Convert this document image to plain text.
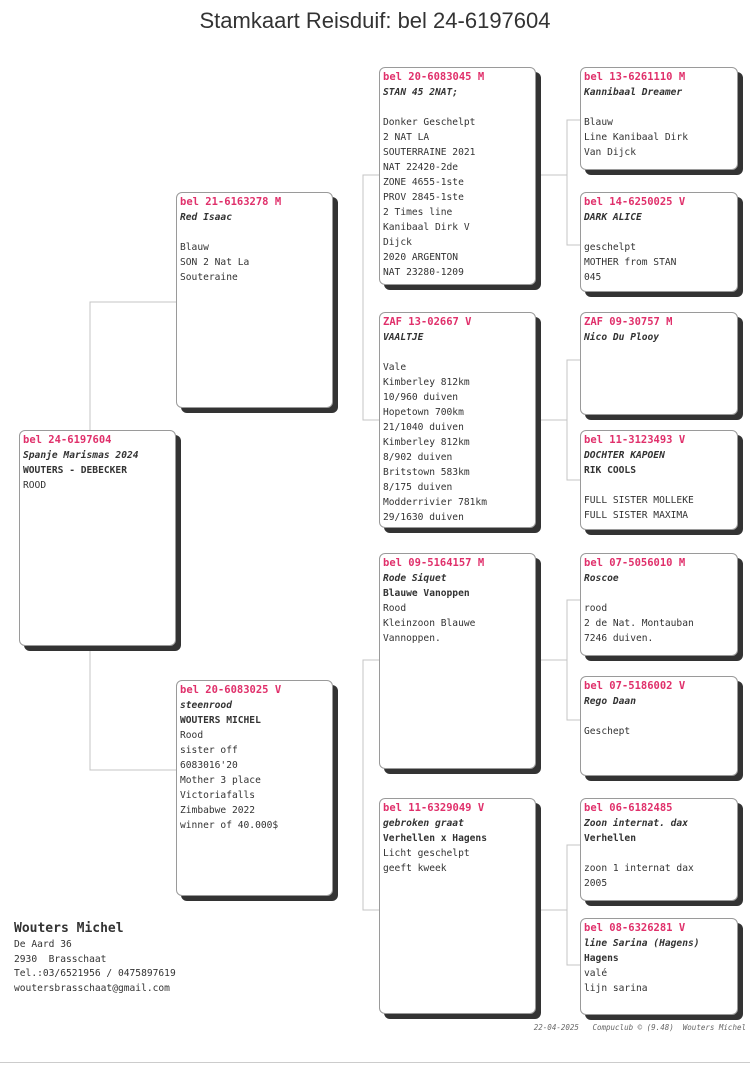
Stamkaart Reisduif: bel 24-6197604
bel 24-6197604
Spanje Marismas 2024
WOUTERS - DEBECKER
ROOD
bel 21-6163278 M
Red Isaac
Blauw
SON 2 Nat La
Souteraine
bel 20-6083025 V
steenrood
WOUTERS MICHEL
Rood
sister off
6083016'20
Mother 3 place
Victoriafalls
Zimbabwe 2022
winner of 40.000$
bel 20-6083045 M
STAN 45 2NAT;
Donker Geschelpt
2 NAT LA
SOUTERRAINE 2021
NAT 22420-2de
ZONE 4655-1ste
PROV 2845-1ste
2 Times line
Kanibaal Dirk V
Dijck
2020 ARGENTON
NAT 23280-1209
ZAF 13-02667 V
VAALTJE
Vale
Kimberley 812km
10/960 duiven
Hopetown 700km
21/1040 duiven
Kimberley 812km
8/902 duiven
Britstown 583km
8/175 duiven
Modderrivier 781km
29/1630 duiven
bel 09-5164157 M
Rode Siquet
Blauwe Vanoppen
Rood
Kleinzoon Blauwe
Vannoppen.
bel 11-6329049 V
gebroken graat
Verhellen x Hagens
Licht geschelpt
geeft kweek
bel 13-6261110 M
Kannibaal Dreamer
Blauw
Line Kanibaal Dirk
Van Dijck
bel 14-6250025 V
DARK ALICE
geschelpt
MOTHER from STAN
045
ZAF 09-30757 M
Nico Du Plooy
bel 11-3123493 V
DOCHTER KAPOEN
RIK COOLS
FULL SISTER MOLLEKE
FULL SISTER MAXIMA
bel 07-5056010 M
Roscoe
rood
2 de Nat. Montauban
7246 duiven.
bel 07-5186002 V
Rego Daan
Geschept
bel 06-6182485
Zoon internat. dax
Verhellen
zoon 1 internat dax
2005
bel 08-6326281 V
line Sarina (Hagens)
Hagens
valé
lijn sarina
Wouters Michel
De Aard 36
2930  Brasschaat
Tel.:03/6521956 / 0475897619
woutersbrasschaat@gmail.com
22-04-2025   Compuclub © (9.48)  Wouters Michel
